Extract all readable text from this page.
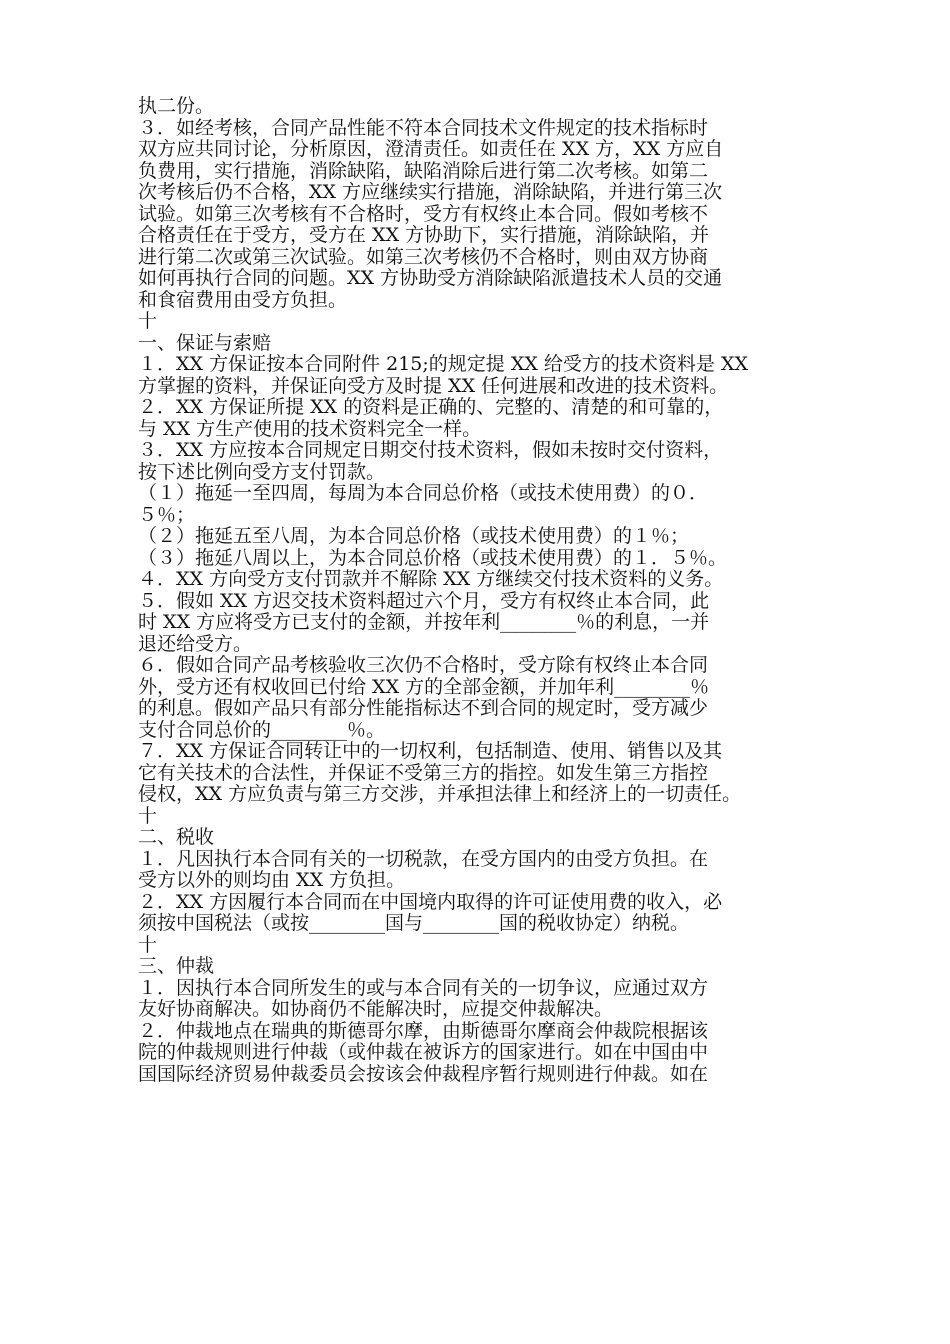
执二份。
３．如经考核，合同产品性能不符本合同技术文件规定的技术指标时
双方应共同讨论，分析原因，澄清责任。如责任在 XX 方，XX 方应自
负费用，实行措施，消除缺陷，缺陷消除后进行第二次考核。如第二
次考核后仍不合格，XX 方应继续实行措施，消除缺陷，并进行第三次
试验。如第三次考核有不合格时，受方有权终止本合同。假如考核不
合格责任在于受方，受方在 XX 方协助下，实行措施，消除缺陷，并
进行第二次或第三次试验。如第三次考核仍不合格时，则由双方协商
如何再执行合同的问题。XX 方协助受方消除缺陷派遣技术人员的交通
和食宿费用由受方负担。
十
一、保证与索赔
１．XX 方保证按本合同附件 215;的规定提 XX 给受方的技术资料是 XX
方掌握的资料，并保证向受方及时提 XX 任何进展和改进的技术资料。
２．XX 方保证所提 XX 的资料是正确的、完整的、清楚的和可靠的，
与 XX 方生产使用的技术资料完全一样。
３．XX 方应按本合同规定日期交付技术资料，假如未按时交付资料，
按下述比例向受方支付罚款。
（１）拖延一至四周，每周为本合同总价格（或技术使用费）的０．
５％；
（２）拖延五至八周，为本合同总价格（或技术使用费）的１％；
（３）拖延八周以上，为本合同总价格（或技术使用费）的１．５％。
４．XX 方向受方支付罚款并不解除 XX 方继续交付技术资料的义务。
５．假如 XX 方迟交技术资料超过六个月，受方有权终止本合同，此
时 XX 方应将受方已支付的金额，并按年利________％的利息，一并
退还给受方。
６．假如合同产品考核验收三次仍不合格时，受方除有权终止本合同
外，受方还有权收回已付给 XX 方的全部金额，并加年利________％
的利息。假如产品只有部分性能指标达不到合同的规定时，受方减少
支付合同总价的________％。
７．XX 方保证合同转让中的一切权利，包括制造、使用、销售以及其
它有关技术的合法性，并保证不受第三方的指控。如发生第三方指控
侵权，XX 方应负责与第三方交涉，并承担法律上和经济上的一切责任。
十
二、税收
１．凡因执行本合同有关的一切税款，在受方国内的由受方负担。在
受方以外的则均由 XX 方负担。
２．XX 方因履行本合同而在中国境内取得的许可证使用费的收入，必
须按中国税法（或按________国与________国的税收协定）纳税。
十
三、仲裁
１．因执行本合同所发生的或与本合同有关的一切争议，应通过双方
友好协商解决。如协商仍不能解决时，应提交仲裁解决。
２．仲裁地点在瑞典的斯德哥尔摩，由斯德哥尔摩商会仲裁院根据该
院的仲裁规则进行仲裁（或仲裁在被诉方的国家进行。如在中国由中
国国际经济贸易仲裁委员会按该会仲裁程序暂行规则进行仲裁。如在
